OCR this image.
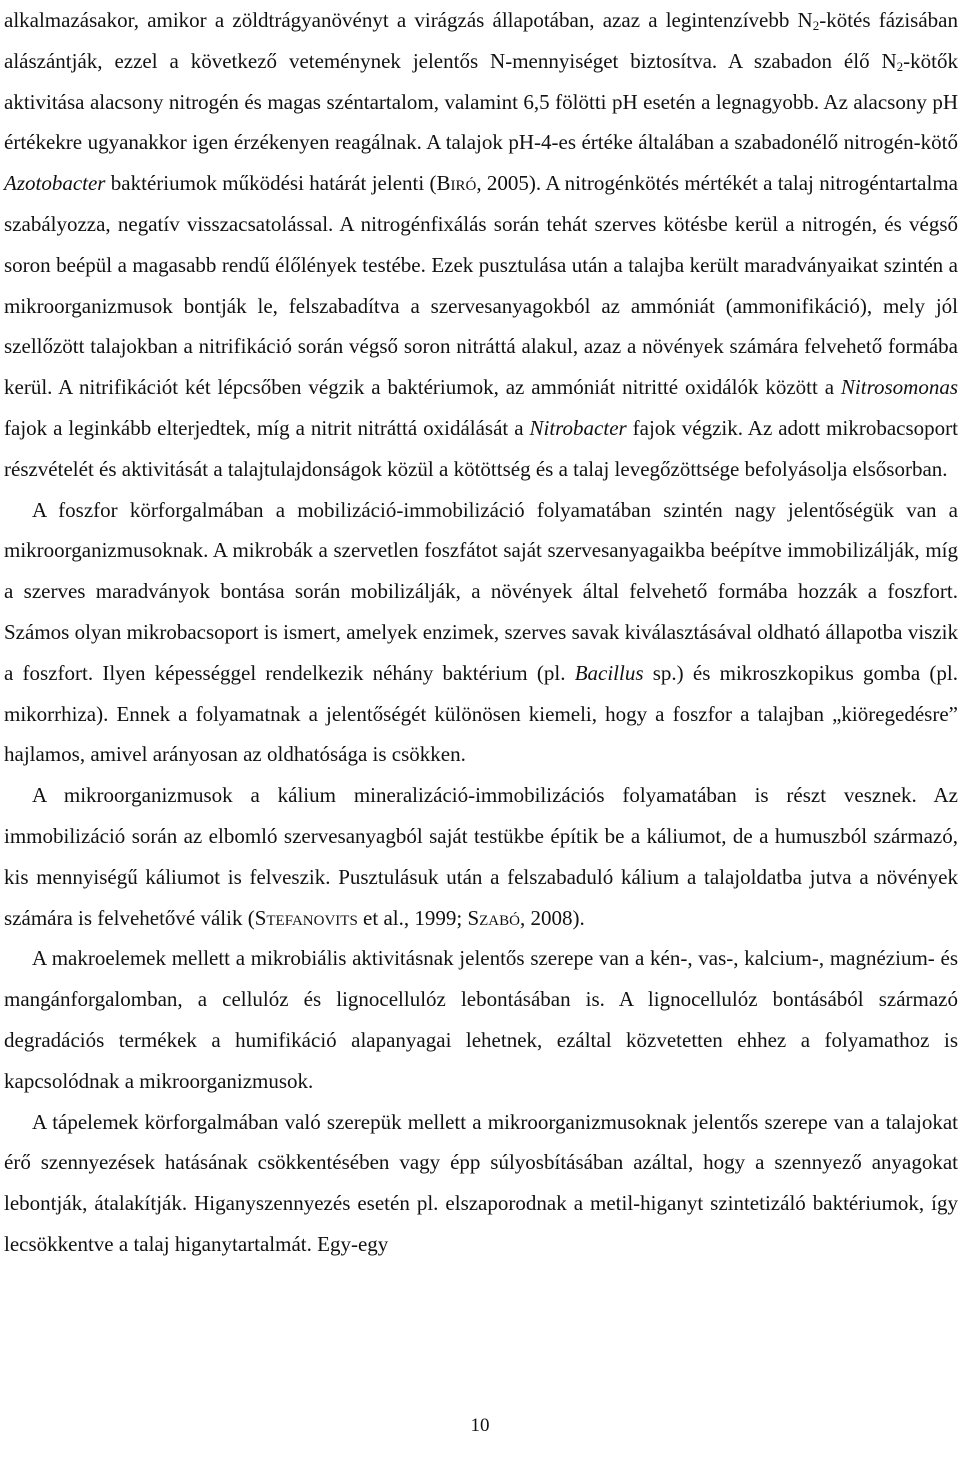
alkalmazásakor, amikor a zöldtrágyanövényt a virágzás állapotában, azaz a legintenzívebb $N_2$-kötés fázisában alászántják, ezzel a következő veteménynek jelentős N-mennyiséget biztosítva. A szabadon élő $N_2$-kötők aktivitása alacsony nitrogén és magas széntartalom, valamint 6,5 fölötti pH esetén a legnagyobb. Az alacsony pH értékekre ugyanakkor igen érzékenyen reagálnak. A talajok pH-4-es értéke általában a szabadonélő nitrogén-kötő Azotobacter baktériumok működési határát jelenti (Biró, 2005). A nitrogénkötés mértékét a talaj nitrogéntartalma szabályozza, negatív visszacsatolással. A nitrogénfixálás során tehát szerves kötésbe kerül a nitrogén, és végső soron beépül a magasabb rendű élőlények testébe. Ezek pusztulása után a talajba került maradványaikat szintén a mikroorganizmusok bontják le, felszabadítva a szervesanyagokból az ammóniát (ammonifikáció), mely jól szellőzött talajokban a nitrifikáció során végső soron nitráttá alakul, azaz a növények számára felvehető formába kerül. A nitrifikációt két lépcsőben végzik a baktériumok, az ammóniát nitritté oxidálók között a Nitrosomonas fajok a leginkább elterjedtek, míg a nitrit nitráttá oxidálását a Nitrobacter fajok végzik. Az adott mikrobacsoport részvételét és aktivitását a talajtulajdonságok közül a kötöttség és a talaj levegőzöttsége befolyásolja elsősorban.

A foszfor körforgalmában a mobilizáció-immobilizáció folyamatában szintén nagy jelentőségük van a mikroorganizmusoknak. A mikrobák a szervetlen foszfátot saját szervesanyagaikba beépítve immobilizálják, míg a szerves maradványok bontása során mobilizálják, a növények által felvehető formába hozzák a foszfort. Számos olyan mikrobacsoport is ismert, amelyek enzimek, szerves savak kiválasztásával oldható állapotba viszik a foszfort. Ilyen képességgel rendelkezik néhány baktérium (pl. Bacillus sp.) és mikroszkopikus gomba (pl. mikorrhiza). Ennek a folyamatnak a jelentőségét különösen kiemeli, hogy a foszfor a talajban „kiöregedésre” hajlamos, amivel arányosan az oldhatósága is csökken.

A mikroorganizmusok a kálium mineralizáció-immobilizációs folyamatában is részt vesznek. Az immobilizáció során az elbomló szervesanyagból saját testükbe építik be a káliumot, de a humuszból származó, kis mennyiségű káliumot is felveszik. Pusztulásuk után a felszabaduló kálium a talajoldatba jutva a növények számára is felvehetővé válik (Stefanovits et al., 1999; Szabó, 2008).

A makroelemek mellett a mikrobiális aktivitásnak jelentős szerepe van a kén-, vas-, kalcium-, magnézium- és mangánforgalomban, a cellulóz és lignocellulóz lebontásában is. A lignocellulóz bontásából származó degradációs termékek a humifikáció alapanyagai lehetnek, ezáltal közvetetten ehhez a folyamathoz is kapcsolódnak a mikroorganizmusok.

A tápelemek körforgalmában való szerepük mellett a mikroorganizmusoknak jelentős szerepe van a talajokat érő szennyezések hatásának csökkentésében vagy épp súlyosbításában azáltal, hogy a szennyező anyagokat lebontják, átalakítják. Higanyszennyezés esetén pl. elszaporodnak a metil-higanyt szintetizáló baktériumok, így lecsökkentve a talaj higanytartalmát. Egy-egy

10
